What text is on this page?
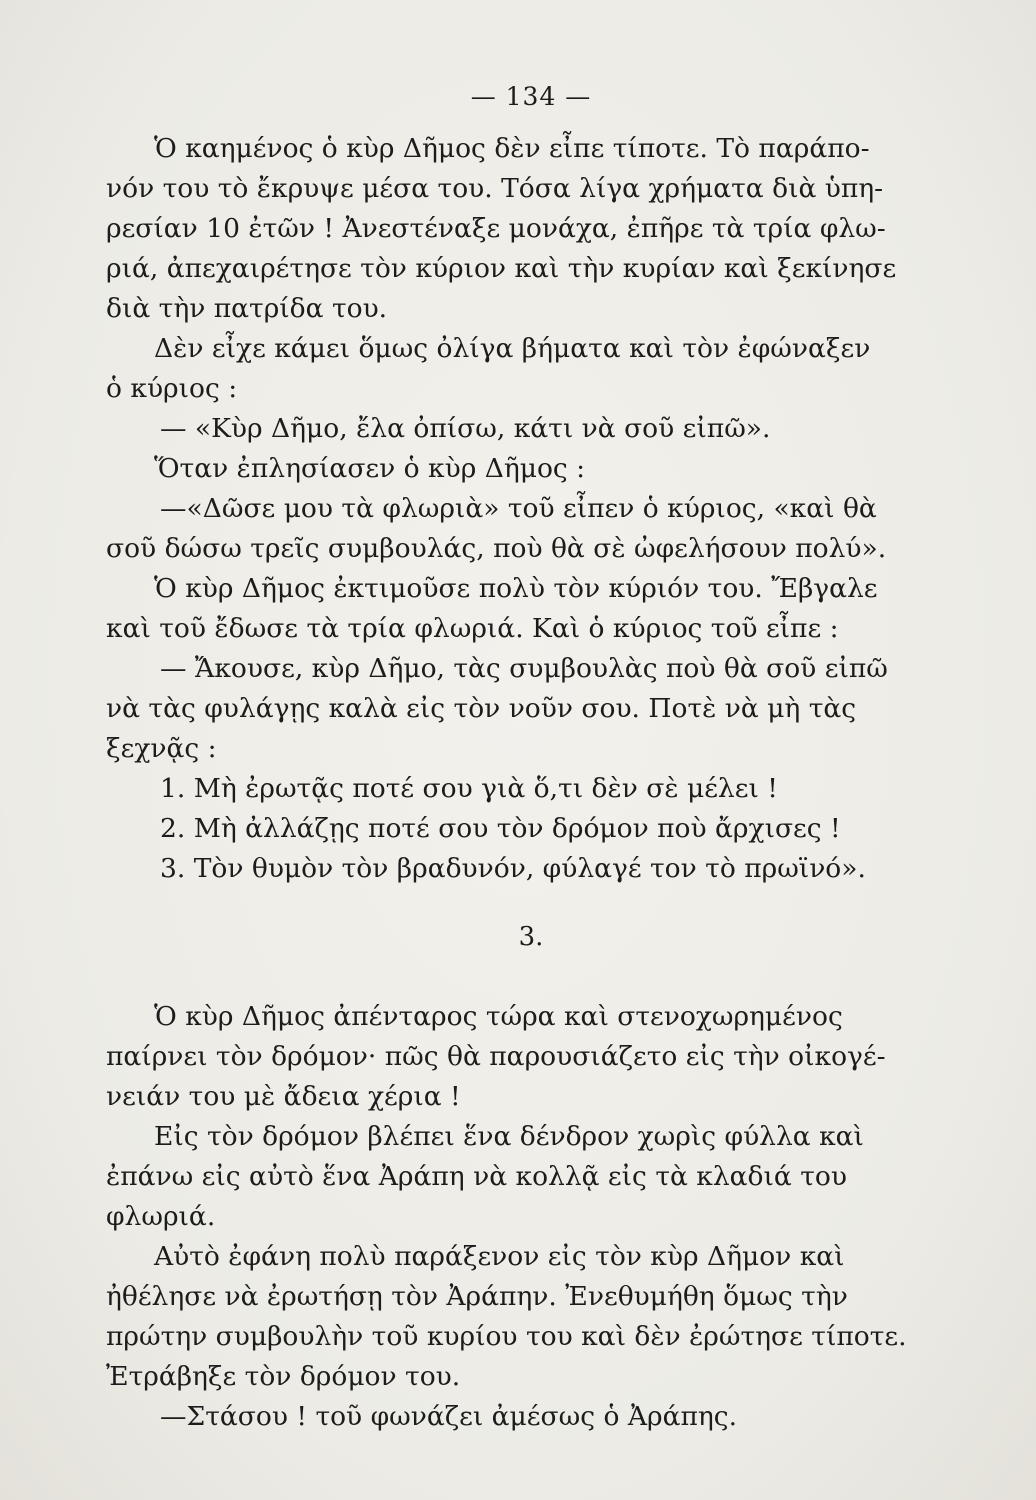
— 134 —

Ὁ καημένος ὁ κὺρ Δῆμος δὲν εἶπε τίποτε. Τὸ παράπο-
νόν του τὸ ἔκρυψε μέσα του. Τόσα λίγα χρήματα διὰ ὑπη-
ρεσίαν 10 ἐτῶν ! Ἀνεστέναξε μονάχα, ἐπῆρε τὰ τρία φλω-
ριά, ἀπεχαιρέτησε τὸν κύριον καὶ τὴν κυρίαν καὶ ξεκίνησε
διὰ τὴν πατρίδα του.

Δὲν εἶχε κάμει ὅμως ὀλίγα βήματα καὶ τὸν ἐφώναξεν
ὁ κύριος :

— «Κὺρ Δῆμο, ἔλα ὀπίσω, κάτι νὰ σοῦ εἰπῶ».

Ὅταν ἐπλησίασεν ὁ κὺρ Δῆμος :

—«Δῶσε μου τὰ φλωριὰ» τοῦ εἶπεν ὁ κύριος, «καὶ θὰ
σοῦ δώσω τρεῖς συμβουλάς, ποὺ θὰ σὲ ὠφελήσουν πολύ».

Ὁ κὺρ Δῆμος ἐκτιμοῦσε πολὺ τὸν κύριόν του. Ἔβγαλε
καὶ τοῦ ἔδωσε τὰ τρία φλωριά. Καὶ ὁ κύριος τοῦ εἶπε :

— Ἄκουσε, κὺρ Δῆμο, τὰς συμβουλὰς ποὺ θὰ σοῦ εἰπῶ
νὰ τὰς φυλάγῃς καλὰ εἰς τὸν νοῦν σου. Ποτὲ νὰ μὴ τὰς
ξεχνᾷς :

1. Μὴ ἐρωτᾷς ποτέ σου γιὰ ὅ,τι δὲν σὲ μέλει !

2. Μὴ ἀλλάζῃς ποτέ σου τὸν δρόμον ποὺ ἄρχισες !

3. Τὸν θυμὸν τὸν βραδυνόν, φύλαγέ τον τὸ πρωϊνό».

3.

Ὁ κὺρ Δῆμος ἀπένταρος τώρα καὶ στενοχωρημένος
παίρνει τὸν δρόμον· πῶς θὰ παρουσιάζετο εἰς τὴν οἰκογέ-
νειάν του μὲ ἄδεια χέρια !

Εἰς τὸν δρόμον βλέπει ἕνα δένδρον χωρὶς φύλλα καὶ
ἐπάνω εἰς αὐτὸ ἕνα Ἀράπη νὰ κολλᾷ εἰς τὰ κλαδιά του
φλωριά.

Αὐτὸ ἐφάνη πολὺ παράξενον εἰς τὸν κὺρ Δῆμον καὶ
ἠθέλησε νὰ ἐρωτήσῃ τὸν Ἀράπην. Ἐνεθυμήθη ὅμως τὴν
πρώτην συμβουλὴν τοῦ κυρίου του καὶ δὲν ἐρώτησε τίποτε.
Ἐτράβηξε τὸν δρόμον του.

—Στάσου ! τοῦ φωνάζει ἀμέσως ὁ Ἀράπης.
